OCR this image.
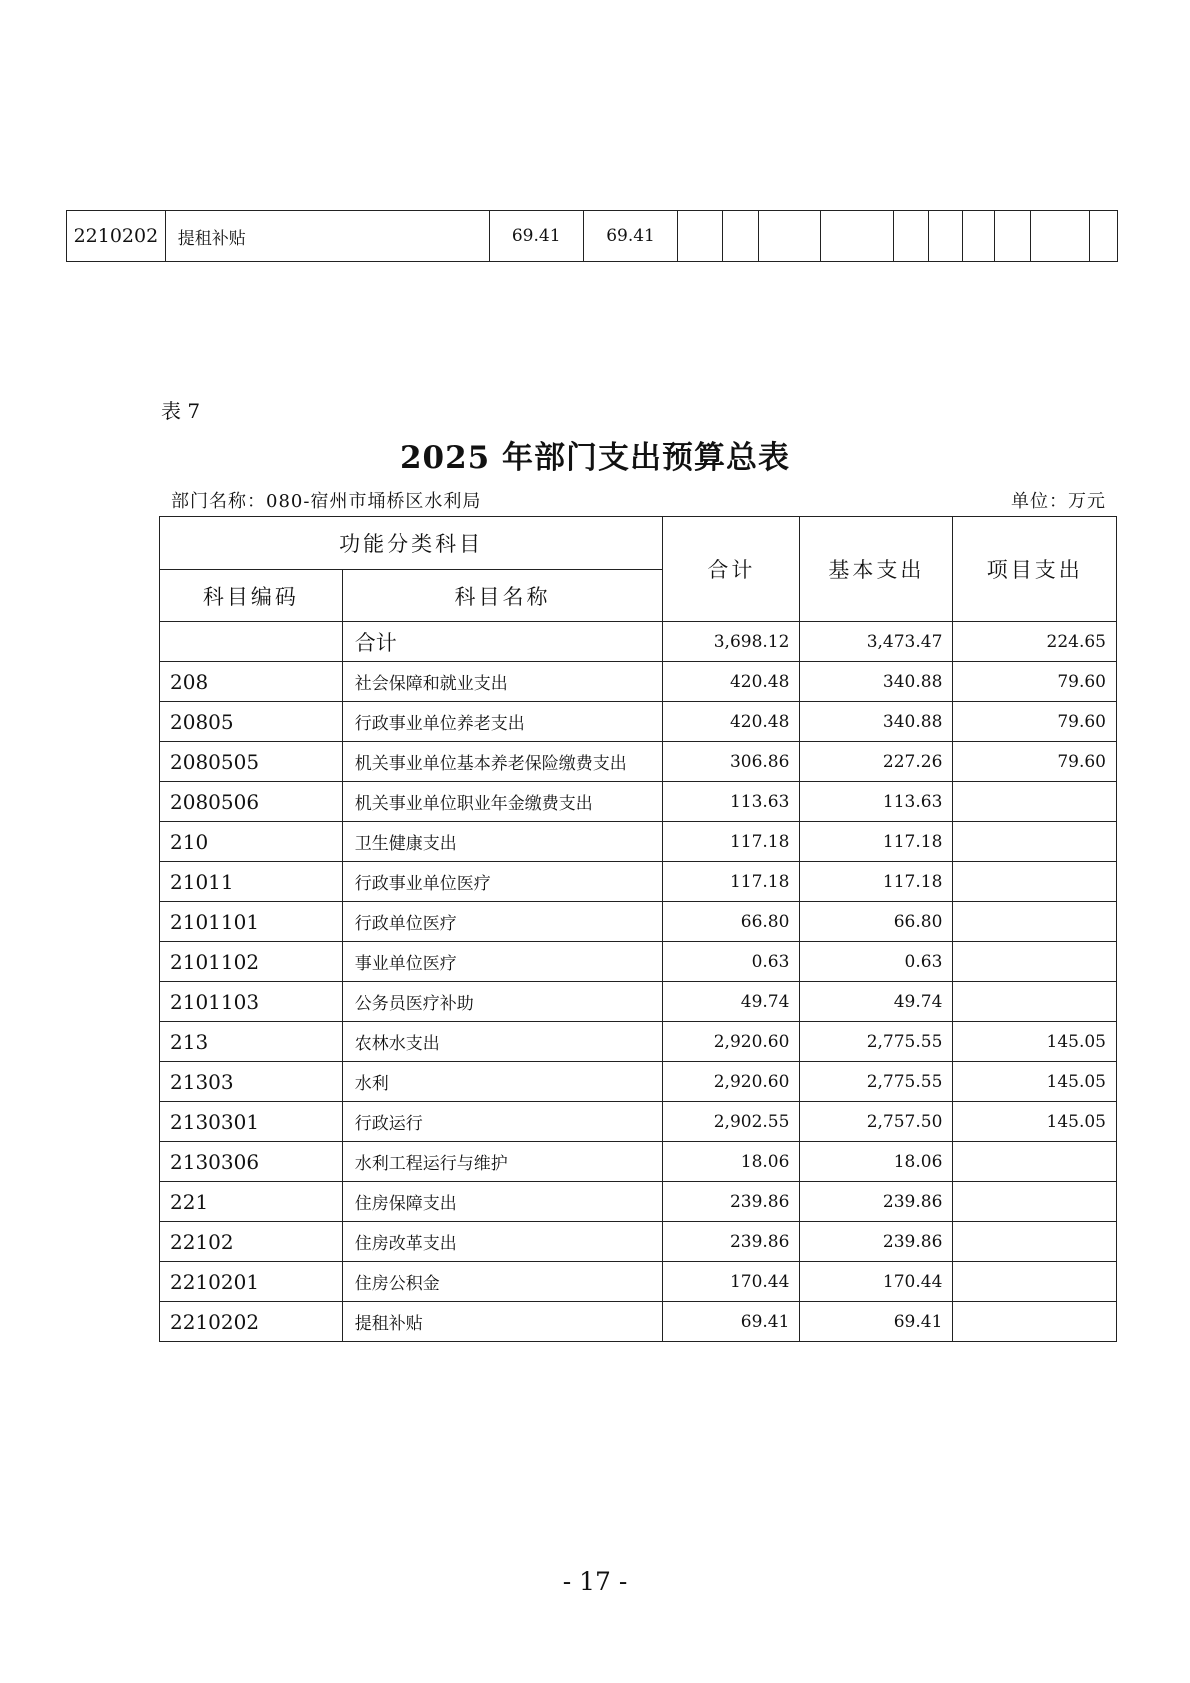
2210202	提租补贴	69.41	69.41										
表 7
2025 年部门支出预算总表
部门名称：080-宿州市埇桥区水利局	单位：万元
功能分类科目		合计	基本支出	项目支出
科目编码	科目名称			
	合计	3,698.12	3,473.47	224.65
208	社会保障和就业支出	420.48	340.88	79.60
20805	行政事业单位养老支出	420.48	340.88	79.60
2080505	机关事业单位基本养老保险缴费支出	306.86	227.26	79.60
2080506	机关事业单位职业年金缴费支出	113.63	113.63	
210	卫生健康支出	117.18	117.18	
21011	行政事业单位医疗	117.18	117.18	
2101101	行政单位医疗	66.80	66.80	
2101102	事业单位医疗	0.63	0.63	
2101103	公务员医疗补助	49.74	49.74	
213	农林水支出	2,920.60	2,775.55	145.05
21303	水利	2,920.60	2,775.55	145.05
2130301	行政运行	2,902.55	2,757.50	145.05
2130306	水利工程运行与维护	18.06	18.06	
221	住房保障支出	239.86	239.86	
22102	住房改革支出	239.86	239.86	
2210201	住房公积金	170.44	170.44	
2210202	提租补贴	69.41	69.41	
- 17 -
